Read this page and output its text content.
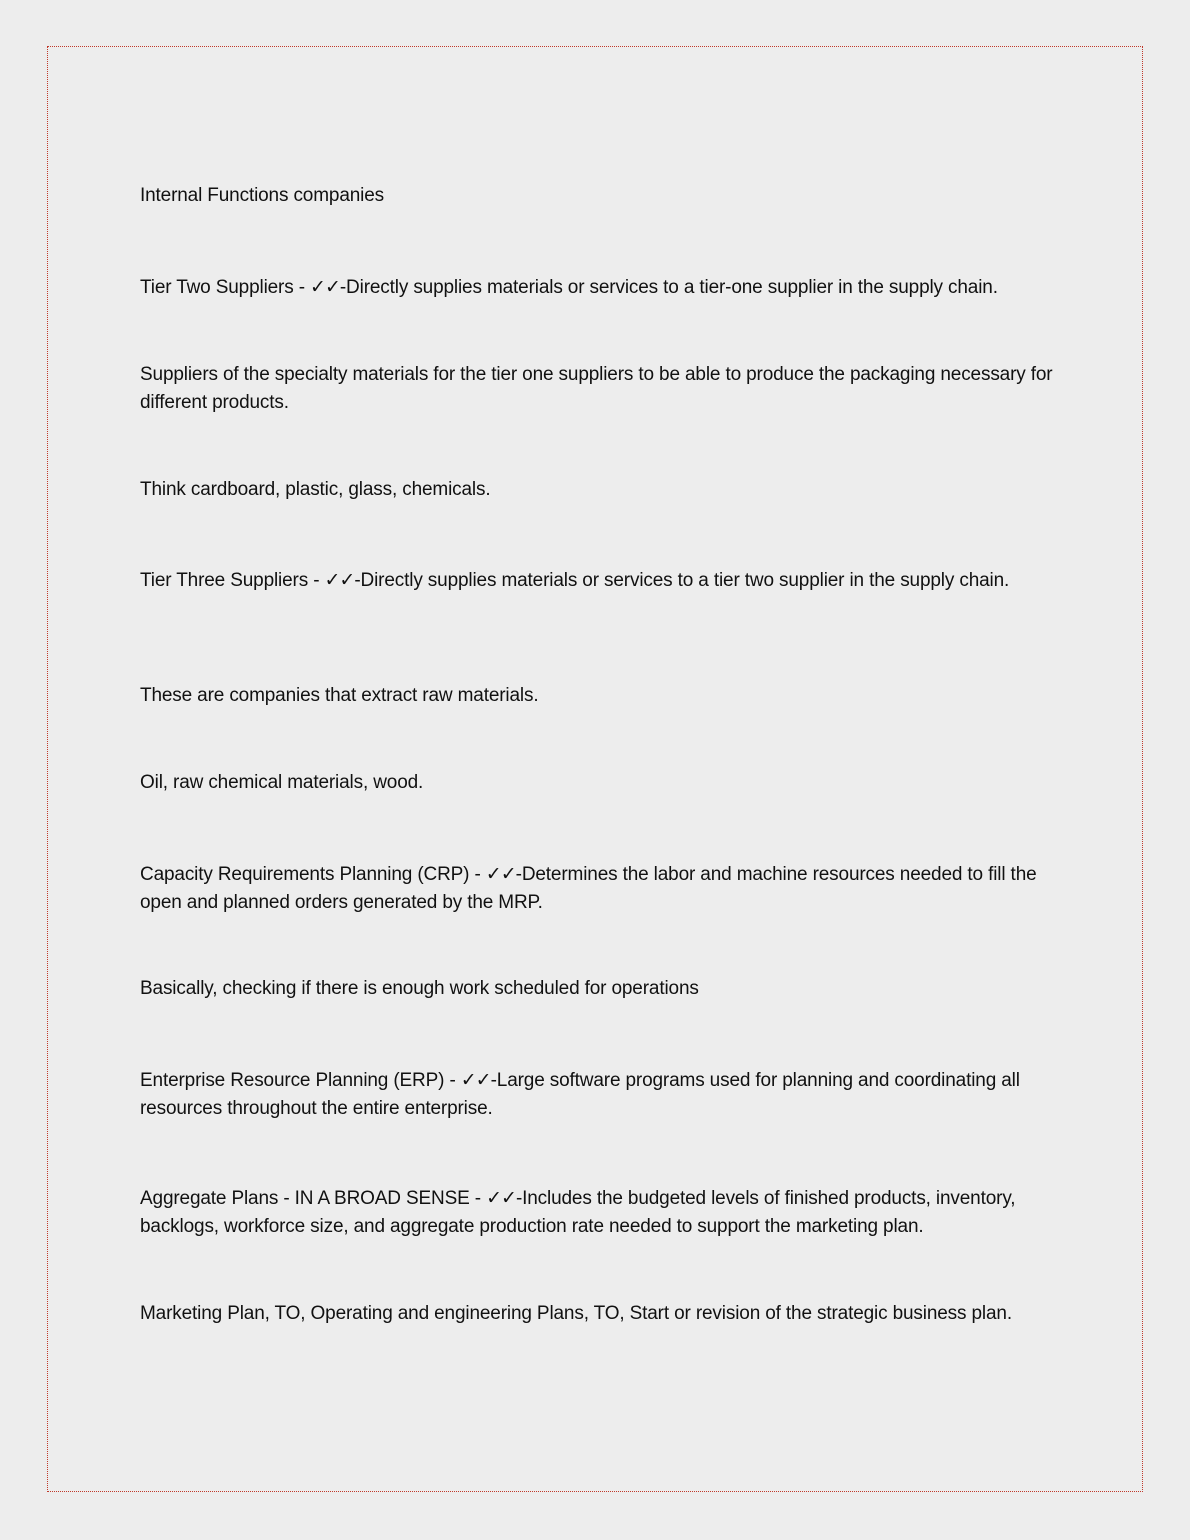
Internal Functions companies

Tier Two Suppliers - ✓✓-Directly supplies materials or services to a tier-one supplier in the supply chain.

Suppliers of the specialty materials for the tier one suppliers to be able to produce the packaging necessary for different products.

Think cardboard, plastic, glass, chemicals.

Tier Three Suppliers - ✓✓-Directly supplies materials or services to a tier two supplier in the supply chain.

These are companies that extract raw materials.

Oil, raw chemical materials, wood.

Capacity Requirements Planning (CRP) - ✓✓-Determines the labor and machine resources needed to fill the open and planned orders generated by the MRP.

Basically, checking if there is enough work scheduled for operations

Enterprise Resource Planning (ERP) - ✓✓-Large software programs used for planning and coordinating all resources throughout the entire enterprise.

Aggregate Plans - IN A BROAD SENSE - ✓✓-Includes the budgeted levels of finished products, inventory, backlogs, workforce size, and aggregate production rate needed to support the marketing plan.

Marketing Plan, TO, Operating and engineering Plans, TO, Start or revision of the strategic business plan.
